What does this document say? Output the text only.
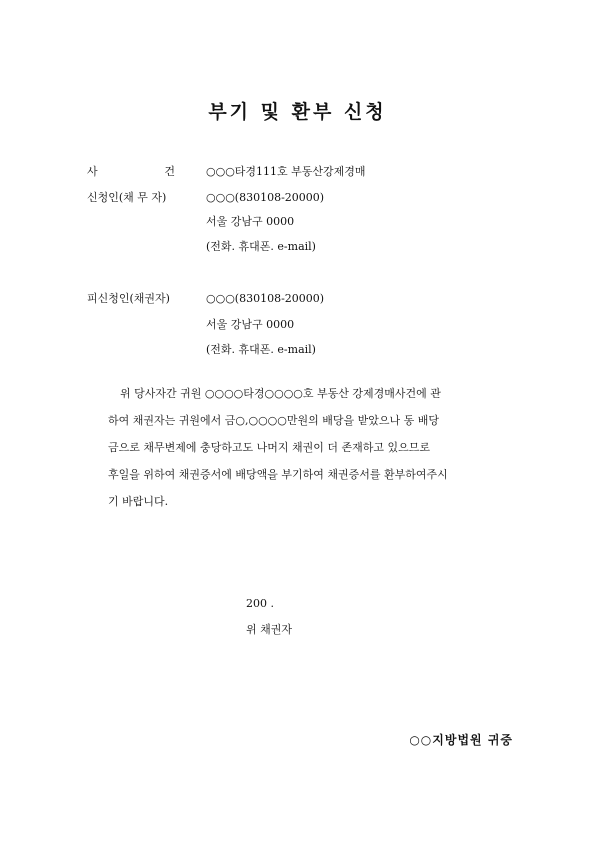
부기 및 환부 신청
사	건	○○○타경111호 부동산강제경매
신청인(채 무 자)	○○○(830108-20000)
서울 강남구 0000
(전화. 휴대폰. e-mail)
피신청인(채권자)	○○○(830108-20000)
서울 강남구 0000
(전화. 휴대폰. e-mail)
위 당사자간 귀원 ○○○○타경○○○○호 부동산 강제경매사건에 관
하여 채권자는 귀원에서 금○,○○○○만원의 배당을 받았으나 동 배당
금으로 채무변제에 충당하고도 나머지 채권이 더 존재하고 있으므로
후일을 위하여 채권증서에 배당액을 부기하여 채권증서를 환부하여주시
기 바랍니다.
200 .
위 채권자
○○지방법원 귀중
